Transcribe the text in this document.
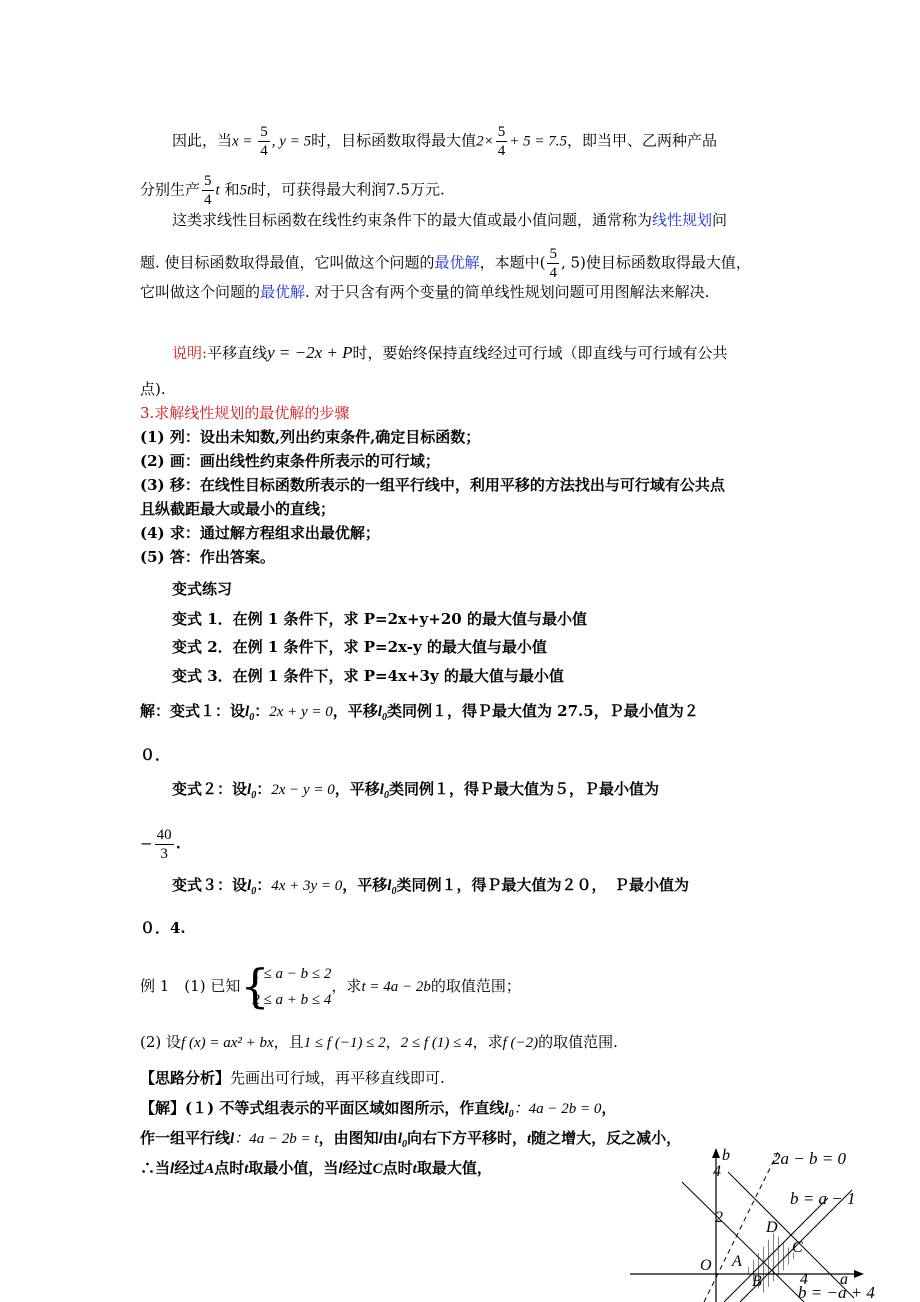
因此，当$x = \frac{5}{4}$ , y = 5时，目标函数取得最大值$2\times \frac{5}{4} + 5 = 7.5$，即当甲、乙两种产品
分别生产 $\frac{5}{4}$ t 和5t时，可获得最大利润7.5万元.
这类求线性目标函数在线性约束条件下的最大值或最小值问题，通常称为线性规划问
题. 使目标函数取得最值，它叫做这个问题的最优解，本题中( $\frac{5}{4}$ , 5)使目标函数取得最大值，
它叫做这个问题的最优解. 对于只含有两个变量的简单线性规划问题可用图解法来解决.
说明:平移直线y = −2x + P时，要始终保持直线经过可行域（即直线与可行域有公共
点).
3.求解线性规划的最优解的步骤
(1) 列：设出未知数,列出约束条件,确定目标函数；
(2) 画：画出线性约束条件所表示的可行域；
(3) 移：在线性目标函数所表示的一组平行线中，利用平移的方法找出与可行域有公共点
且纵截距最大或最小的直线；
(4) 求：通过解方程组求出最优解；
(5) 答：作出答案。
变式练习
变式 1．在例 1 条件下，求 P=2x+y+20 的最大值与最小值
变式 2．在例 1 条件下，求 P=2x-y 的最大值与最小值
变式 3．在例 1 条件下，求 P=4x+3y 的最大值与最小值
解：变式１：设$l_0$：2x + y = 0，平移$l_0$类同例１，得Ｐ最大值为 27.5，Ｐ最小值为２
０．
变式２：设$l_0$：2x − y = 0，平移$l_0$类同例１，得Ｐ最大值为５，Ｐ最小值为
− $\frac{40}{3}$ .
变式３：设$l_0$：4x + 3y = 0，平移$l_0$类同例１，得Ｐ最大值为２０，　Ｐ最小值为
０．4.
例 1　(1) 已知 {
1 ≤ a − b ≤ 2
2 ≤ a + b ≤ 4
，求t = 4a − 2b的取值范围；
(2) 设f (x) = ax² + bx，且1 ≤ f (−1) ≤ 2，2 ≤ f (1) ≤ 4，求f (−2)的取值范围.
【思路分析】先画出可行域，再平移直线即可.
【解】(１) 不等式组表示的平面区域如图所示，作直线$l_0$：4a − 2b = 0，
作一组平行线l：4a − 2b = t，由图知l由$l_0$向右下方平移时，t随之增大，反之减小，
∴当l经过A点时t取最小值，当l经过C点时t取最大值，
b
4
2
O
a
4
A
B
C
D
2a − b = 0
b = a − 1
b = −a + 4
